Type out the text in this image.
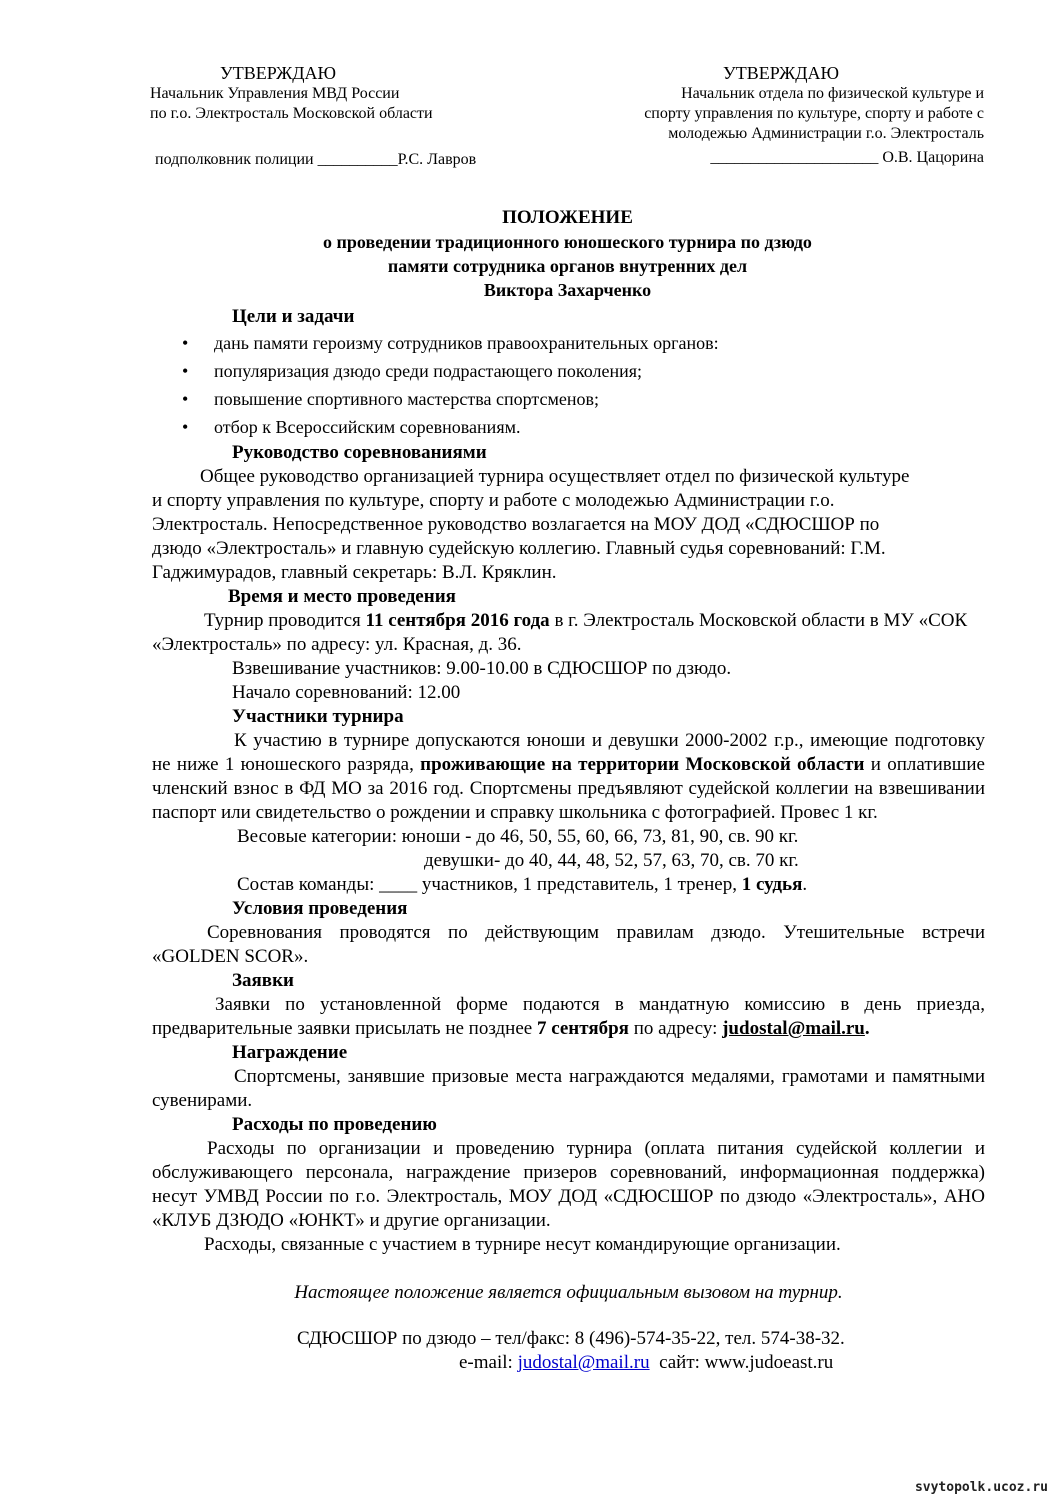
УТВЕРЖДАЮ
Начальник Управления МВД России
по г.о. Электросталь Московской области
подполковник полиции __________Р.С. Лавров
УТВЕРЖДАЮ
Начальник отдела по физической культуре и
спорту управления по культуре, спорту и работе с
молодежью Администрации г.о. Электросталь
_____________________ О.В. Цацорина
ПОЛОЖЕНИЕ
о проведении традиционного юношеского турнира по дзюдо
памяти сотрудника органов внутренних дел
Виктора Захарченко
Цели и задачи
• дань памяти героизму сотрудников правоохранительных органов:
• популяризация дзюдо среди подрастающего поколения;
• повышение спортивного мастерства спортсменов;
• отбор к Всероссийским соревнованиям.
Руководство соревнованиями

Общее руководство организацией турнира осуществляет отдел по физической культуре и спорту управления по культуре, спорту и работе с молодежью Администрации г.о. Электросталь. Непосредственное руководство возлагается на МОУ ДОД «СДЮСШОР по дзюдо «Электросталь» и главную судейскую коллегию. Главный судья соревнований: Г.М. Гаджимурадов, главный секретарь: В.Л. Кряклин.

Время и место проведения

Турнир проводится 11 сентября 2016 года в г. Электросталь Московской области в МУ «СОК «Электросталь» по адресу: ул. Красная, д. 36.

Взвешивание участников: 9.00-10.00 в СДЮСШОР по дзюдо.

Начало соревнований: 12.00

Участники турнира

К участию в турнире допускаются юноши и девушки 2000-2002 г.р., имеющие подготовку не ниже 1 юношеского разряда, проживающие на территории Московской области и оплатившие членский взнос в ФД МО за 2016 год. Спортсмены предъявляют судейской коллегии на взвешивании паспорт или свидетельство о рождении и справку школьника с фотографией. Провес 1 кг.

Весовые категории: юноши - до 46, 50, 55, 60, 66, 73, 81, 90, св. 90 кг.

девушки- до 40, 44, 48, 52, 57, 63, 70, св. 70 кг.

Состав команды: ____ участников, 1 представитель, 1 тренер, 1 судья.

Условия проведения

Соревнования проводятся по действующим правилам дзюдо. Утешительные встречи «GOLDEN SCOR».

Заявки

Заявки по установленной форме подаются в мандатную комиссию в день приезда, предварительные заявки присылать не позднее 7 сентября по адресу: judostal@mail.ru.

Награждение

Спортсмены, занявшие призовые места награждаются медалями, грамотами и памятными сувенирами.

Расходы по проведению

Расходы по организации и проведению турнира (оплата питания судейской коллегии и обслуживающего персонала, награждение призеров соревнований, информационная поддержка) несут УМВД России по г.о. Электросталь, МОУ ДОД «СДЮСШОР по дзюдо «Электросталь», АНО «КЛУБ ДЗЮДО «ЮНКТ» и другие организации.

Расходы, связанные с участием в турнире несут командирующие организации.

Настоящее положение является официальным вызовом на турнир.

СДЮСШОР по дзюдо – тел/факс: 8 (496)-574-35-22, тел. 574-38-32.
e-mail: judostal@mail.ru  сайт: www.judoeast.ru
svytopolk.ucoz.ru
